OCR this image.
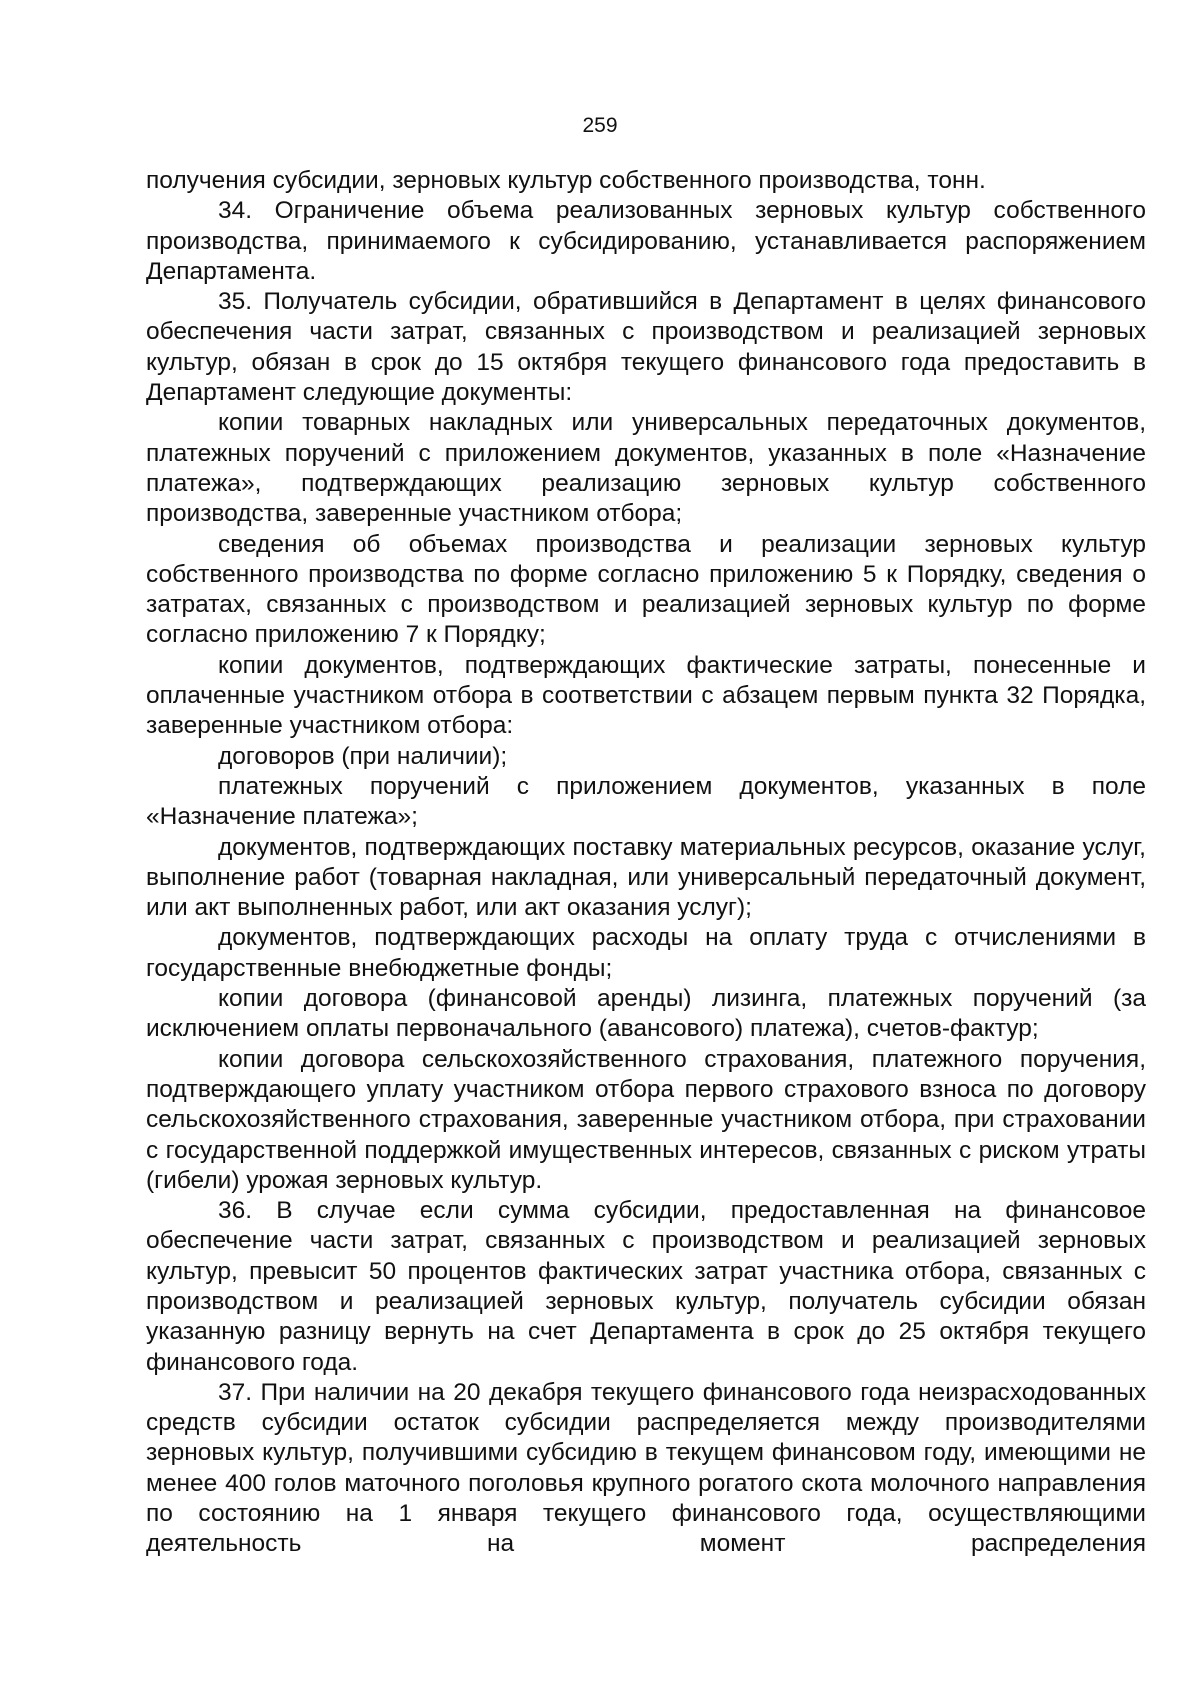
259

получения субсидии, зерновых культур собственного производства, тонн.

34. Ограничение объема реализованных зерновых культур собственного производства, принимаемого к субсидированию, устанавливается распоряжением Департамента.

35. Получатель субсидии, обратившийся в Департамент в целях финансового обеспечения части затрат, связанных с производством и реализацией зерновых культур, обязан в срок до 15 октября текущего финансового года предоставить в Департамент следующие документы:

копии товарных накладных или универсальных передаточных документов, платежных поручений с приложением документов, указанных в поле «Назначение платежа», подтверждающих реализацию зерновых культур собственного производства, заверенные участником отбора;

сведения об объемах производства и реализации зерновых культур собственного производства по форме согласно приложению 5 к Порядку, сведения о затратах, связанных с производством и реализацией зерновых культур по форме согласно приложению 7 к Порядку;

копии документов, подтверждающих фактические затраты, понесенные и оплаченные участником отбора в соответствии с абзацем первым пункта 32 Порядка, заверенные участником отбора:

договоров (при наличии);

платежных поручений с приложением документов, указанных в поле «Назначение платежа»;

документов, подтверждающих поставку материальных ресурсов, оказание услуг, выполнение работ (товарная накладная, или универсальный передаточный документ, или акт выполненных работ, или акт оказания услуг);

документов, подтверждающих расходы на оплату труда с отчислениями в государственные внебюджетные фонды;

копии договора (финансовой аренды) лизинга, платежных поручений (за исключением оплаты первоначального (авансового) платежа), счетов-фактур;

копии договора сельскохозяйственного страхования, платежного поручения, подтверждающего уплату участником отбора первого страхового взноса по договору сельскохозяйственного страхования, заверенные участником отбора, при страховании с государственной поддержкой имущественных интересов, связанных с риском утраты (гибели) урожая зерновых культур.

36. В случае если сумма субсидии, предоставленная на финансовое обеспечение части затрат, связанных с производством и реализацией зерновых культур, превысит 50 процентов фактических затрат участника отбора, связанных с производством и реализацией зерновых культур, получатель субсидии обязан указанную разницу вернуть на счет Департамента в срок до 25 октября текущего финансового года.

37. При наличии на 20 декабря текущего финансового года неизрасходованных средств субсидии остаток субсидии распределяется между производителями зерновых культур, получившими субсидию в текущем финансовом году, имеющими не менее 400 голов маточного поголовья крупного рогатого скота молочного направления по состоянию на 1 января текущего финансового года, осуществляющими деятельность на момент распределения
